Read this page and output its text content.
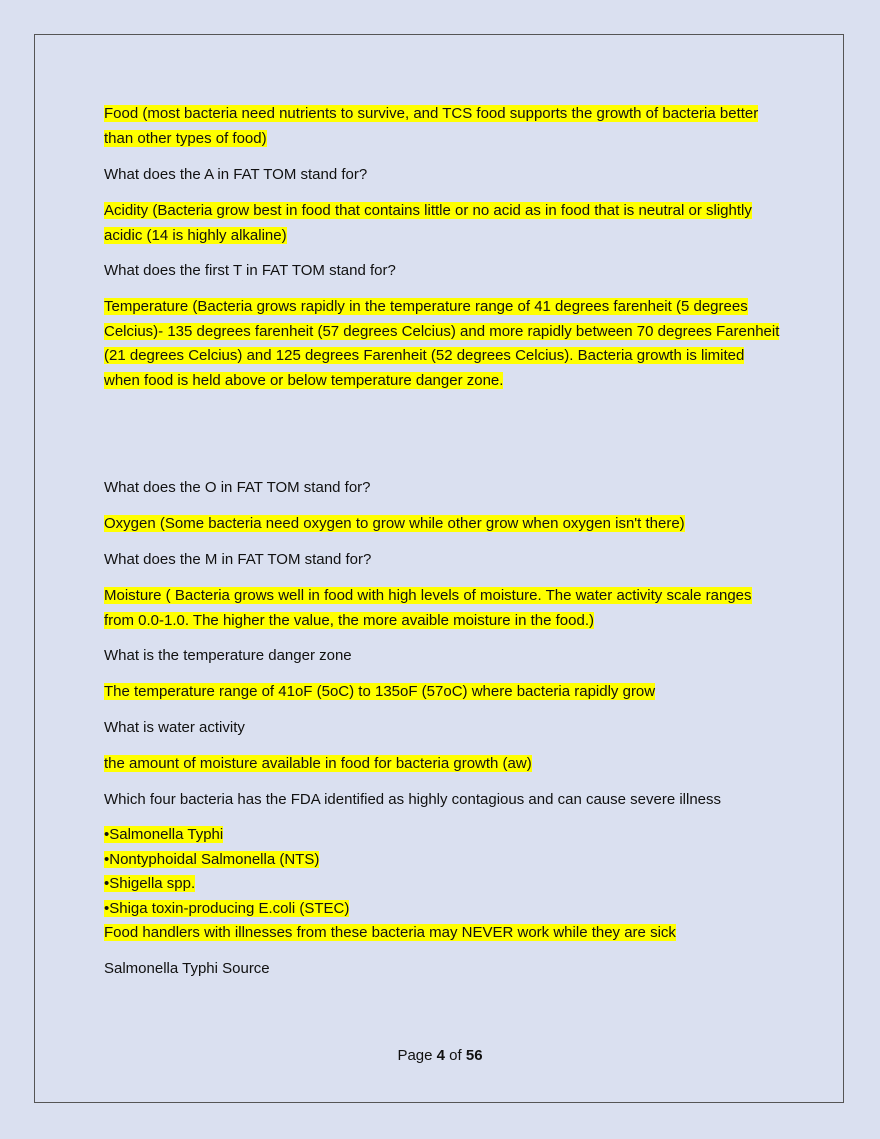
Food (most bacteria need nutrients to survive, and TCS food supports the growth of bacteria better than other types of food)

What does the A in FAT TOM stand for?

Acidity (Bacteria grow best in food that contains little or no acid as in food that is neutral or slightly acidic (14 is highly alkaline)

What does the first T in FAT TOM stand for?

Temperature (Bacteria grows rapidly in the temperature range of 41 degrees farenheit (5 degrees Celcius)- 135 degrees farenheit (57 degrees Celcius) and more rapidly between 70 degrees Farenheit (21 degrees Celcius) and 125 degrees Farenheit (52 degrees Celcius). Bacteria growth is limited when food is held above or below temperature danger zone.

What does the O in FAT TOM stand for?

Oxygen (Some bacteria need oxygen to grow while other grow when oxygen isn't there)

What does the M in FAT TOM stand for?

Moisture ( Bacteria grows well in food with high levels of moisture. The water activity scale ranges from 0.0-1.0. The higher the value, the more avaible moisture in the food.)

What is the temperature danger zone

The temperature range of 41oF (5oC) to 135oF (57oC) where bacteria rapidly grow

What is water activity

the amount of moisture available in food for bacteria growth (aw)

Which four bacteria has the FDA identified as highly contagious and can cause severe illness

•Salmonella Typhi
•Nontyphoidal Salmonella (NTS)
•Shigella spp.
•Shiga toxin-producing E.coli (STEC)
Food handlers with illnesses from these bacteria may NEVER work while they are sick

Salmonella Typhi Source

Page 4 of 56
